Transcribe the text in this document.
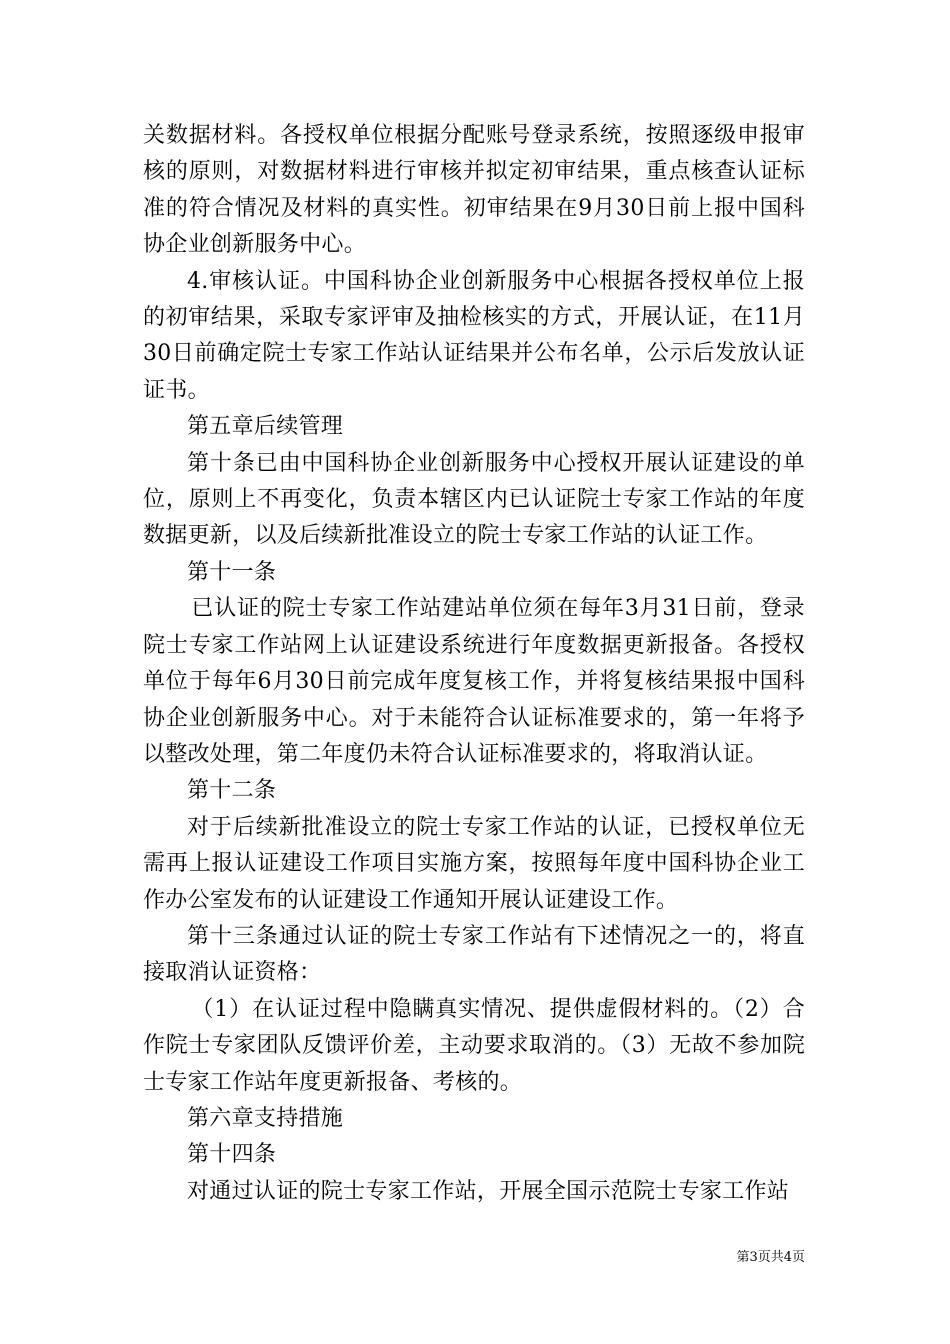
关数据材料。各授权单位根据分配账号登录系统，按照逐级申报审核的原则，对数据材料进行审核并拟定初审结果，重点核查认证标准的符合情况及材料的真实性。初审结果在9月30日前上报中国科协企业创新服务中心。

4.审核认证。中国科协企业创新服务中心根据各授权单位上报的初审结果，采取专家评审及抽检核实的方式，开展认证，在11月30日前确定院士专家工作站认证结果并公布名单，公示后发放认证证书。

第五章后续管理

第十条已由中国科协企业创新服务中心授权开展认证建设的单位，原则上不再变化，负责本辖区内已认证院士专家工作站的年度数据更新，以及后续新批准设立的院士专家工作站的认证工作。

第十一条

已认证的院士专家工作站建站单位须在每年3月31日前，登录院士专家工作站网上认证建设系统进行年度数据更新报备。各授权单位于每年6月30日前完成年度复核工作，并将复核结果报中国科协企业创新服务中心。对于未能符合认证标准要求的，第一年将予以整改处理，第二年度仍未符合认证标准要求的，将取消认证。

第十二条

对于后续新批准设立的院士专家工作站的认证，已授权单位无需再上报认证建设工作项目实施方案，按照每年度中国科协企业工作办公室发布的认证建设工作通知开展认证建设工作。

第十三条通过认证的院士专家工作站有下述情况之一的，将直接取消认证资格：

（1）在认证过程中隐瞒真实情况、提供虚假材料的。（2）合作院士专家团队反馈评价差，主动要求取消的。（3）无故不参加院士专家工作站年度更新报备、考核的。

第六章支持措施

第十四条

对通过认证的院士专家工作站，开展全国示范院士专家工作站

第3页共4页
